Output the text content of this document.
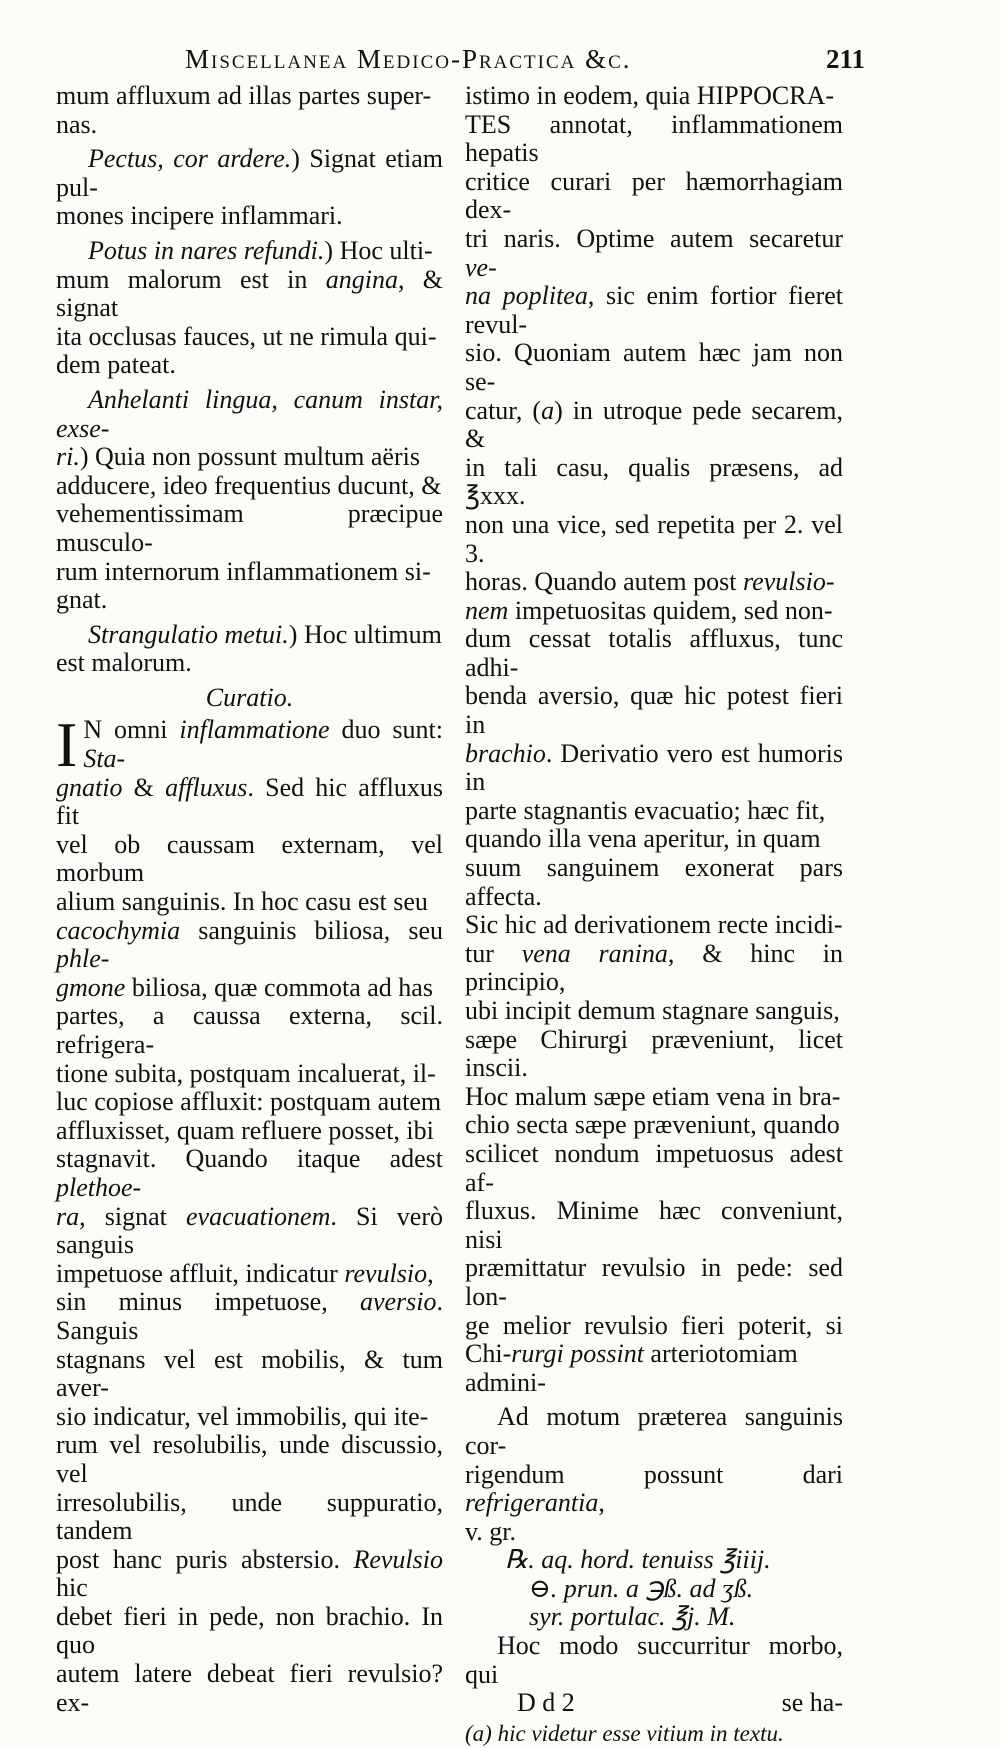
Miscellanea Medico-Practica &c.	211

mum affluxum ad illas partes super-
nas.

Pectus, cor ardere.) Signat etiam pul-
mones incipere inflammari.

Potus in nares refundi.) Hoc ulti-
mum malorum est in angina, & signat
ita occlusas fauces, ut ne rimula qui-
dem pateat.

Anhelanti lingua, canum instar, exse-
ri.) Quia non possunt multum aëris
adducere, ideo frequentius ducunt, &
vehementissimam præcipue musculo-
rum internorum inflammationem si-
gnat.

Strangulatio metui.) Hoc ultimum
est malorum.

Curatio.

I N omni inflammatione duo sunt: Sta-
gnatio & affluxus. Sed hic affluxus fit
vel ob caussam externam, vel morbum
alium sanguinis. In hoc casu est seu
cacochymia sanguinis biliosa, seu phle-
gmone biliosa, quæ commota ad has
partes, a caussa externa, scil. refrigera-
tione subita, postquam incaluerat, il-
luc copiose affluxit: postquam autem
affluxisset, quam refluere posset, ibi
stagnavit. Quando itaque adest plethoe-
ra, signat evacuationem. Si verò sanguis
impetuose affluit, indicatur revulsio,
sin minus impetuose, aversio. Sanguis
stagnans vel est mobilis, & tum aver-
sio indicatur, vel immobilis, qui ite-
rum vel resolubilis, unde discussio, vel
irresolubilis, unde suppuratio, tandem
post hanc puris abstersio. Revulsio hic
debet fieri in pede, non brachio. In quo
autem latere debeat fieri revulsio? ex-

istimo in eodem, quia HIPPOCRA-
TES annotat, inflammationem hepatis
critice curari per hæmorrhagiam dex-
tri naris. Optime autem secaretur ve-
na poplitea, sic enim fortior fieret revul-
sio. Quoniam autem hæc jam non se-
catur, (a) in utroque pede secarem, &
in tali casu, qualis præsens, ad ℥xxx.
non una vice, sed repetita per 2. vel 3.
horas. Quando autem post revulsio-
nem impetuositas quidem, sed non-
dum cessat totalis affluxus, tunc adhi-
benda aversio, quæ hic potest fieri in
brachio. Derivatio vero est humoris in
parte stagnantis evacuatio; hæc fit,
quando illa vena aperitur, in quam
suum sanguinem exonerat pars affecta.
Sic hic ad derivationem recte incidi-
tur vena ranina, & hinc in principio,
ubi incipit demum stagnare sanguis,
sæpe Chirurgi præveniunt, licet inscii.
Hoc malum sæpe etiam vena in bra-
chio secta sæpe præveniunt, quando
scilicet nondum impetuosus adest af-
fluxus. Minime hæc conveniunt, nisi
præmittatur revulsio in pede: sed lon-
ge melior revulsio fieri poterit, si Chi-rurgi possint arteriotomiam
admini-

Ad motum præterea sanguinis cor-
rigendum possunt dari refrigerantia,
v. gr.

℞. aq. hord. tenuiss ℥iiij.
⊖. prun. a ℈ß. ad ʒß.
syr. portulac. ℥j. M.

Hoc modo succurritur morbo, qui

D d 2	se ha-
(a) hic videtur esse vitium in textu.
